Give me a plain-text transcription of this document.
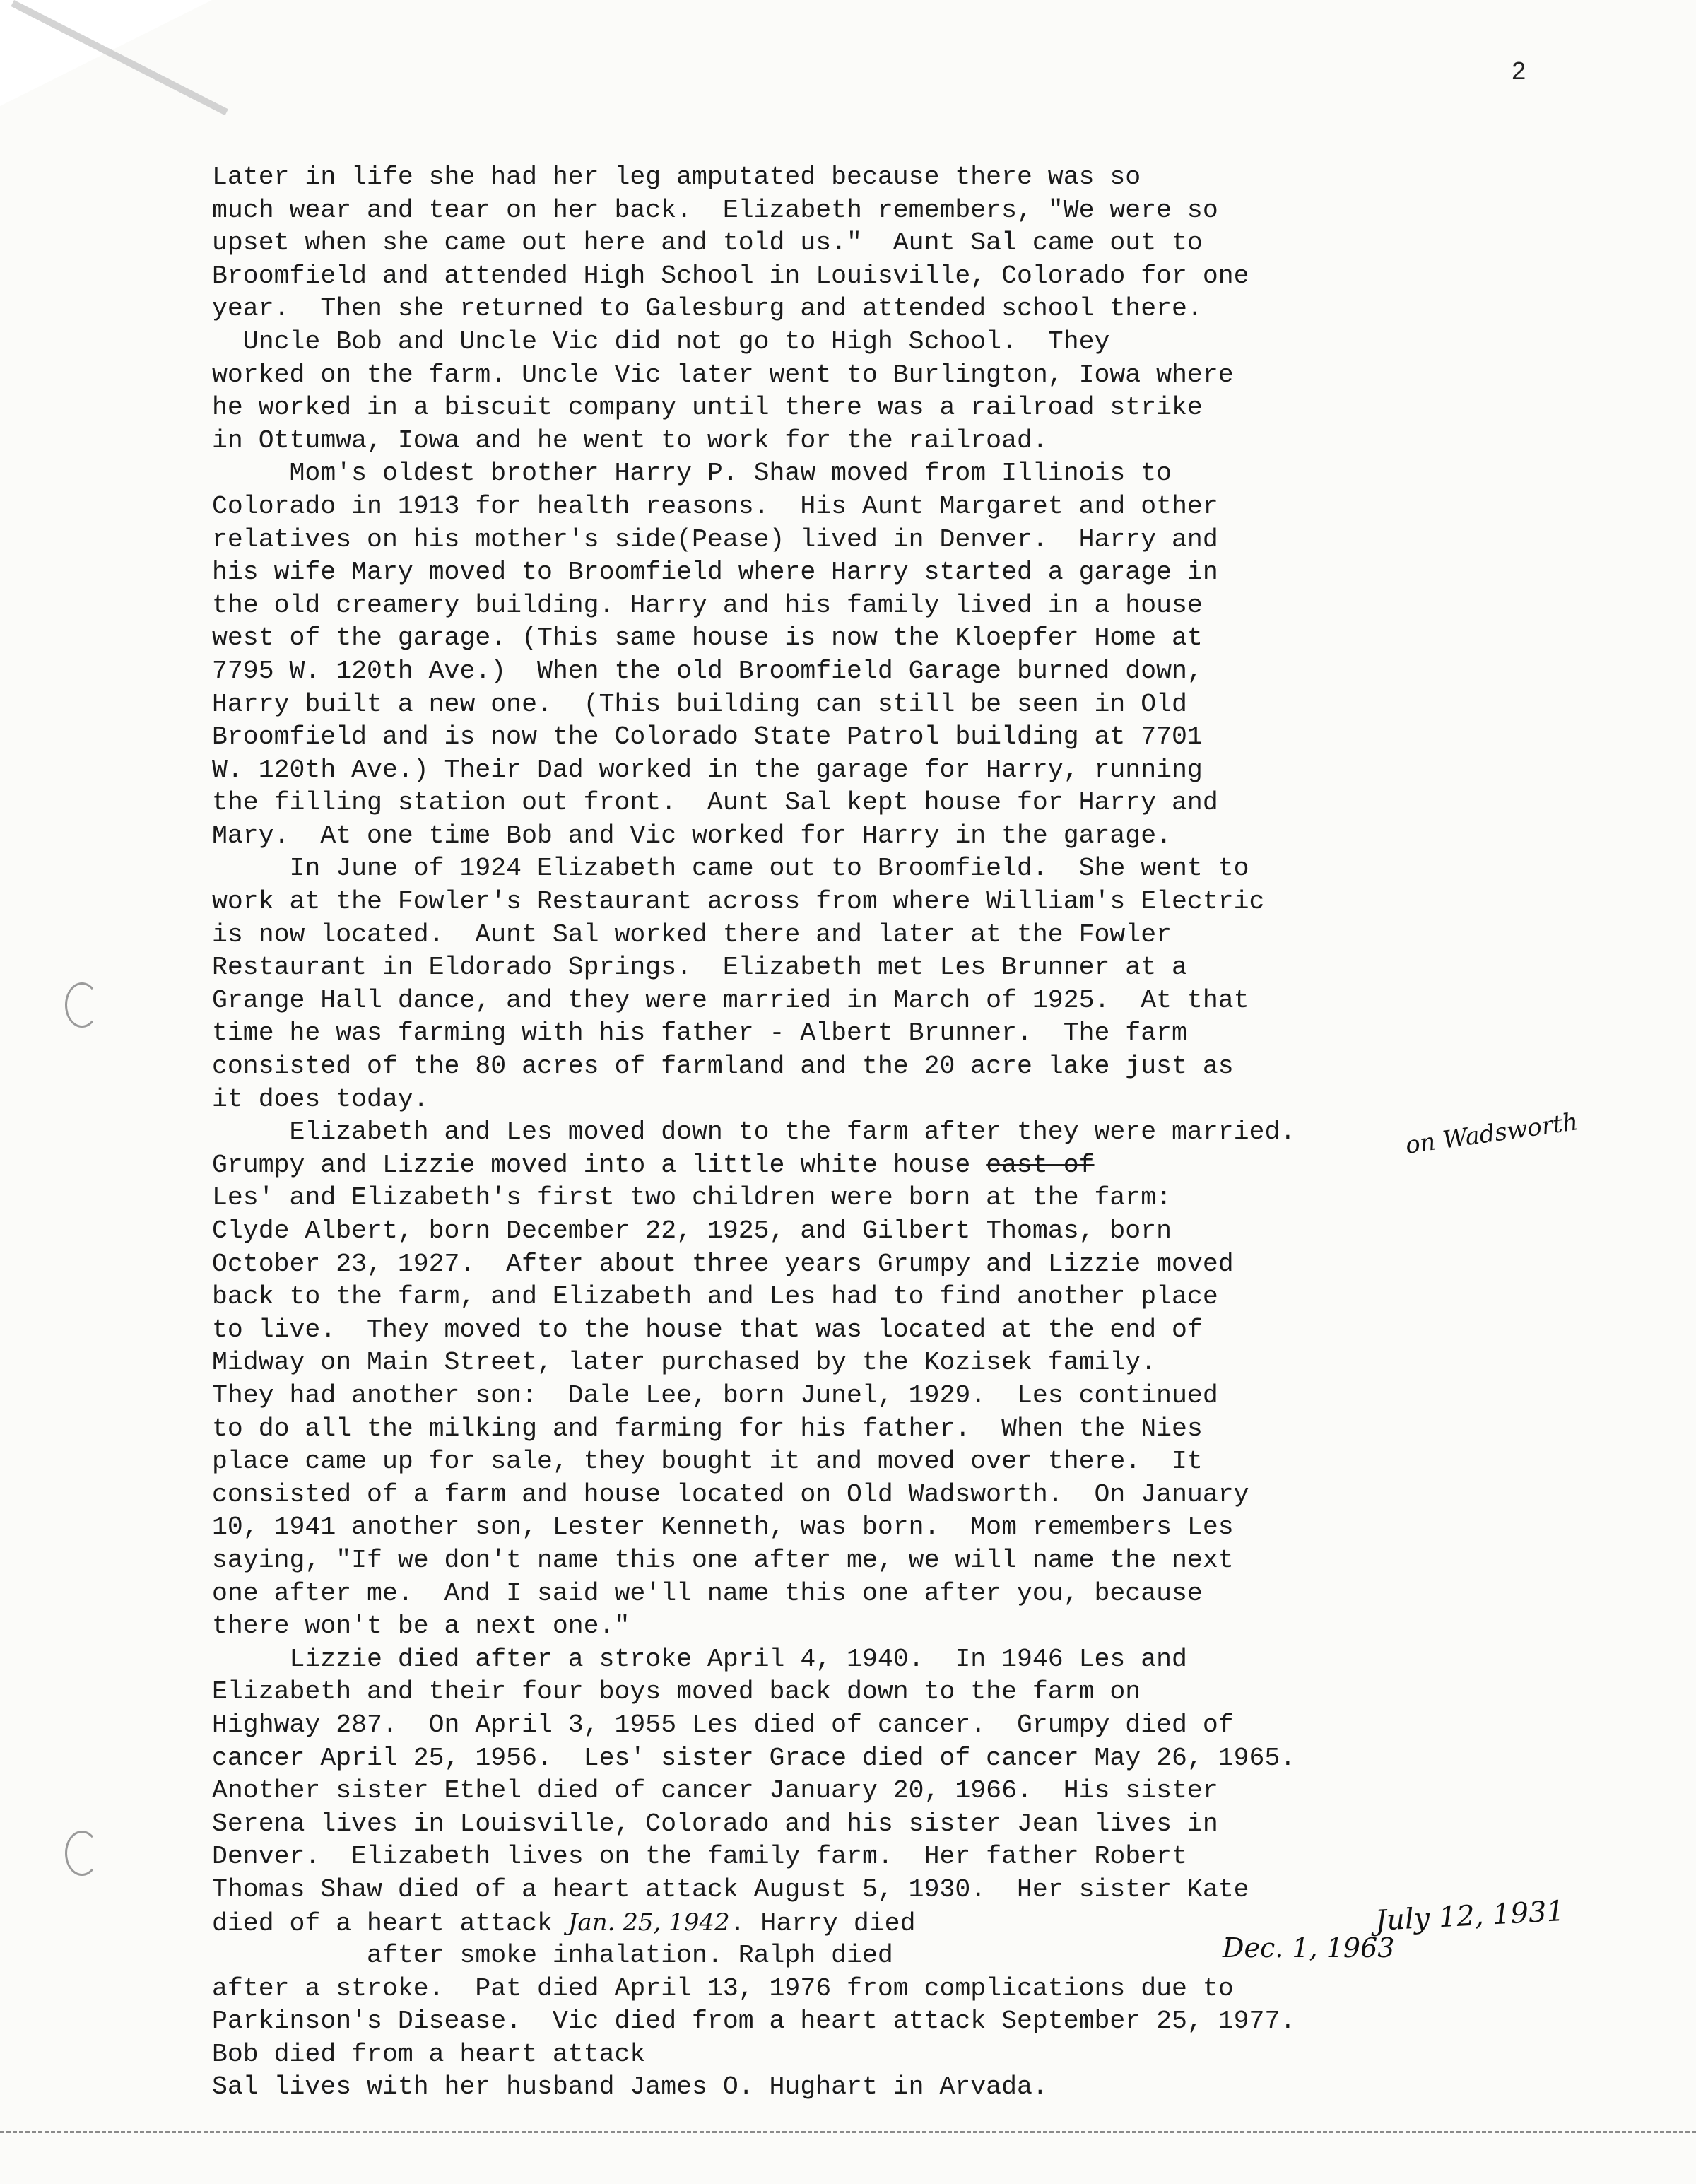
2
Later in life she had her leg amputated because there was so
much wear and tear on her back.  Elizabeth remembers, "We were so
upset when she came out here and told us."  Aunt Sal came out to
Broomfield and attended High School in Louisville, Colorado for one
year.  Then she returned to Galesburg and attended school there.
Uncle Bob and Uncle Vic did not go to High School.  They
worked on the farm. Uncle Vic later went to Burlington, Iowa where
he worked in a biscuit company until there was a railroad strike
in Ottumwa, Iowa and he went to work for the railroad.
Mom's oldest brother Harry P. Shaw moved from Illinois to
Colorado in 1913 for health reasons.  His Aunt Margaret and other
relatives on his mother's side(Pease) lived in Denver.  Harry and
his wife Mary moved to Broomfield where Harry started a garage in
the old creamery building. Harry and his family lived in a house
west of the garage. (This same house is now the Kloepfer Home at
7795 W. 120th Ave.)  When the old Broomfield Garage burned down,
Harry built a new one.  (This building can still be seen in Old
Broomfield and is now the Colorado State Patrol building at 7701
W. 120th Ave.) Their Dad worked in the garage for Harry, running
the filling station out front.  Aunt Sal kept house for Harry and
Mary.  At one time Bob and Vic worked for Harry in the garage.
In June of 1924 Elizabeth came out to Broomfield.  She went to
work at the Fowler's Restaurant across from where William's Electric
is now located.  Aunt Sal worked there and later at the Fowler
Restaurant in Eldorado Springs.  Elizabeth met Les Brunner at a
Grange Hall dance, and they were married in March of 1925.  At that
time he was farming with his father - Albert Brunner.  The farm
consisted of the 80 acres of farmland and the 20 acre lake just as
it does today.
Elizabeth and Les moved down to the farm after they were married.
Grumpy and Lizzie moved into a little white house east of
Les' and Elizabeth's first two children were born at the farm:
Clyde Albert, born December 22, 1925, and Gilbert Thomas, born
October 23, 1927.  After about three years Grumpy and Lizzie moved
back to the farm, and Elizabeth and Les had to find another place
to live.  They moved to the house that was located at the end of
Midway on Main Street, later purchased by the Kozisek family.
They had another son:  Dale Lee, born Junel, 1929.  Les continued
to do all the milking and farming for his father.  When the Nies
place came up for sale, they bought it and moved over there.  It
consisted of a farm and house located on Old Wadsworth.  On January
10, 1941 another son, Lester Kenneth, was born.  Mom remembers Les
saying, "If we don't name this one after me, we will name the next
one after me.  And I said we'll name this one after you, because
there won't be a next one."
Lizzie died after a stroke April 4, 1940.  In 1946 Les and
Elizabeth and their four boys moved back down to the farm on
Highway 287.  On April 3, 1955 Les died of cancer.  Grumpy died of
cancer April 25, 1956.  Les' sister Grace died of cancer May 26, 1965.
Another sister Ethel died of cancer January 20, 1966.  His sister
Serena lives in Louisville, Colorado and his sister Jean lives in
Denver.  Elizabeth lives on the family farm.  Her father Robert
Thomas Shaw died of a heart attack August 5, 1930.  Her sister Kate
died of a heart attack Jan. 25, 1942. Harry died
after smoke inhalation. Ralph died
after a stroke.  Pat died April 13, 1976 from complications due to
Parkinson's Disease.  Vic died from a heart attack September 25, 1977.
Bob died from a heart attack
Sal lives with her husband James O. Hughart in Arvada.
on Wadsworth
July 12, 1931
Dec. 1, 1963
